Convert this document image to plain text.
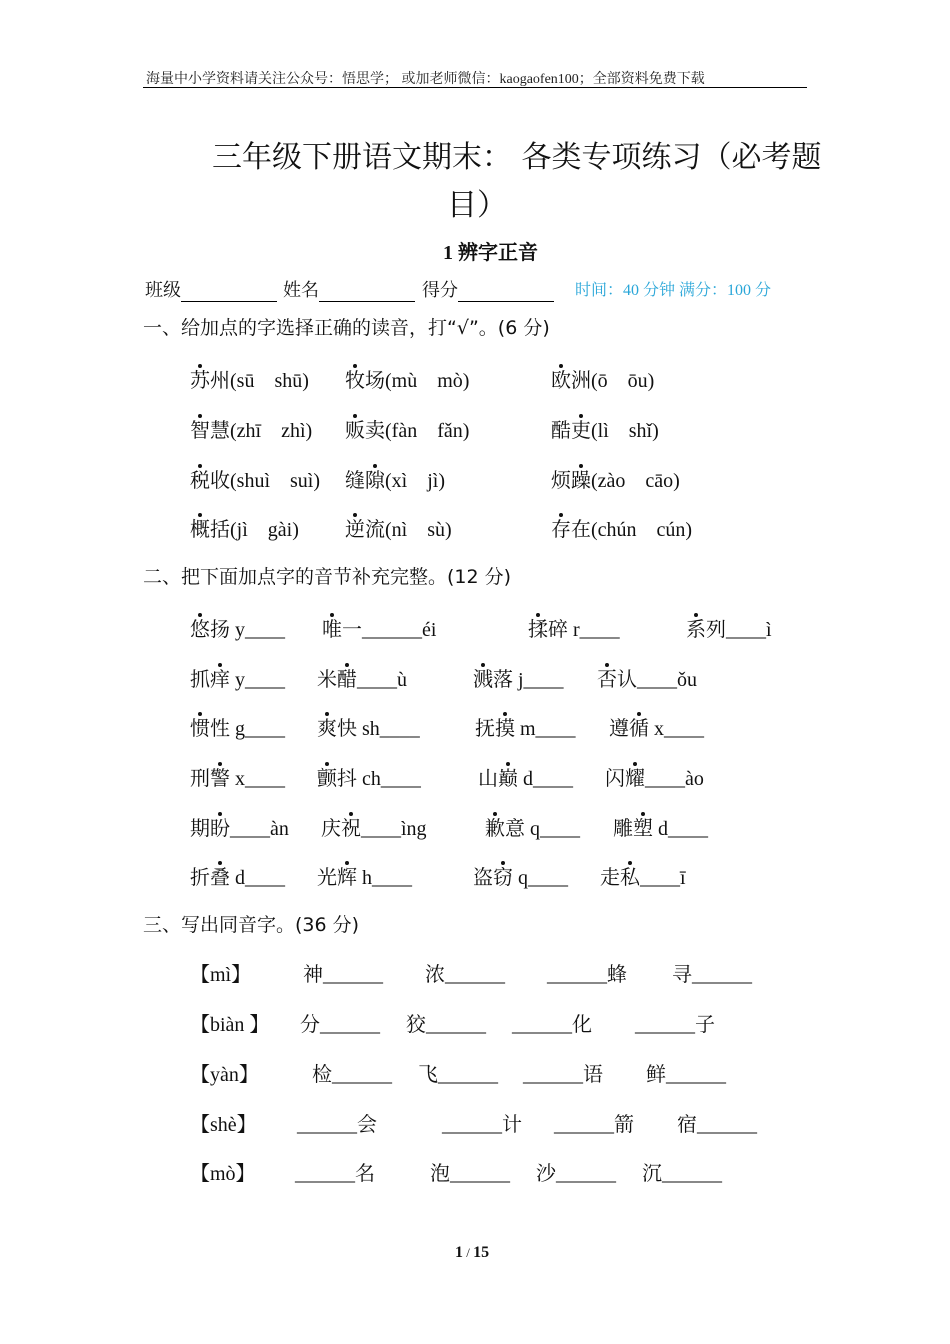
海量中小学资料请关注公众号：悟思学； 或加老师微信：kaogaofen100；全部资料免费下载
三年级下册语文期末： 各类专项练习（必考题
目）
1 辨字正音
班级	姓名	得分	时间：40 分钟 满分：100 分
一、给加点的字选择正确的读音，打“√”。(6 分)
苏州(sū　shū) 牧场(mù　mò)	欧洲(ō　ōu)
智慧(zhī　zhì) 贩卖(fàn　fǎn)	酷吏(lì　shǐ)
税收(shuì　suì) 缝隙(xì　jì)	烦躁(zào　cāo)
概括(jì　gài) 逆流(nì　sù)	存在(chún　cún)
二、把下面加点字的音节补充完整。(12 分)
悠扬 y____ 唯一______éi	揉碎 r____	系列____ì
抓痒 y____ 米醋____ù	溅落 j____ 否认____ǒu
惯性 g____ 爽快 sh____	抚摸 m____ 遵循 x____
刑警 x____ 颤抖 ch____	山巅 d____ 闪耀____ào
期盼____àn 庆祝____ìng	歉意 q____ 雕塑 d____
折叠 d____ 光辉 h____	盗窃 q____ 走私____ī
三、写出同音字。(36 分)
【mì】	神______ 浓______ ______蜂 寻______
【biàn 】 分______ 狡______ ______化 ______子
【yàn】	检______ 飞______ ______语 鲜______
【shè】 ______会	______计 ______箭 宿______
【mò】 ______名	泡______ 沙______ 沉______
1 / 15
